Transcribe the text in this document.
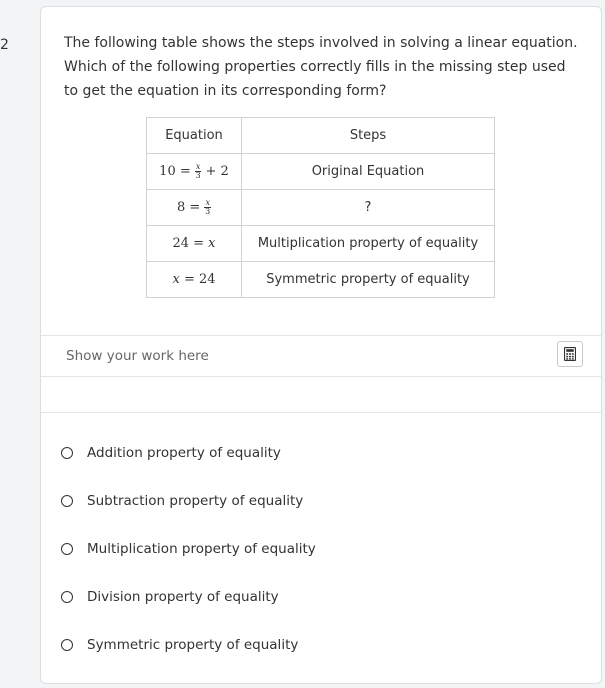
2	The following table shows the steps involved in solving a linear equation. Which of the following properties correctly fills in the missing step used to get the equation in its corresponding form?
Equation	Steps
$10 = \frac{x}{3} + 2$	Original Equation
$8 = \frac{x}{3}$	?
24 = x	Multiplication property of equality
x = 24	Symmetric property of equality
Show your work here
Addition property of equality
Subtraction property of equality
Multiplication property of equality
Division property of equality
Symmetric property of equality
